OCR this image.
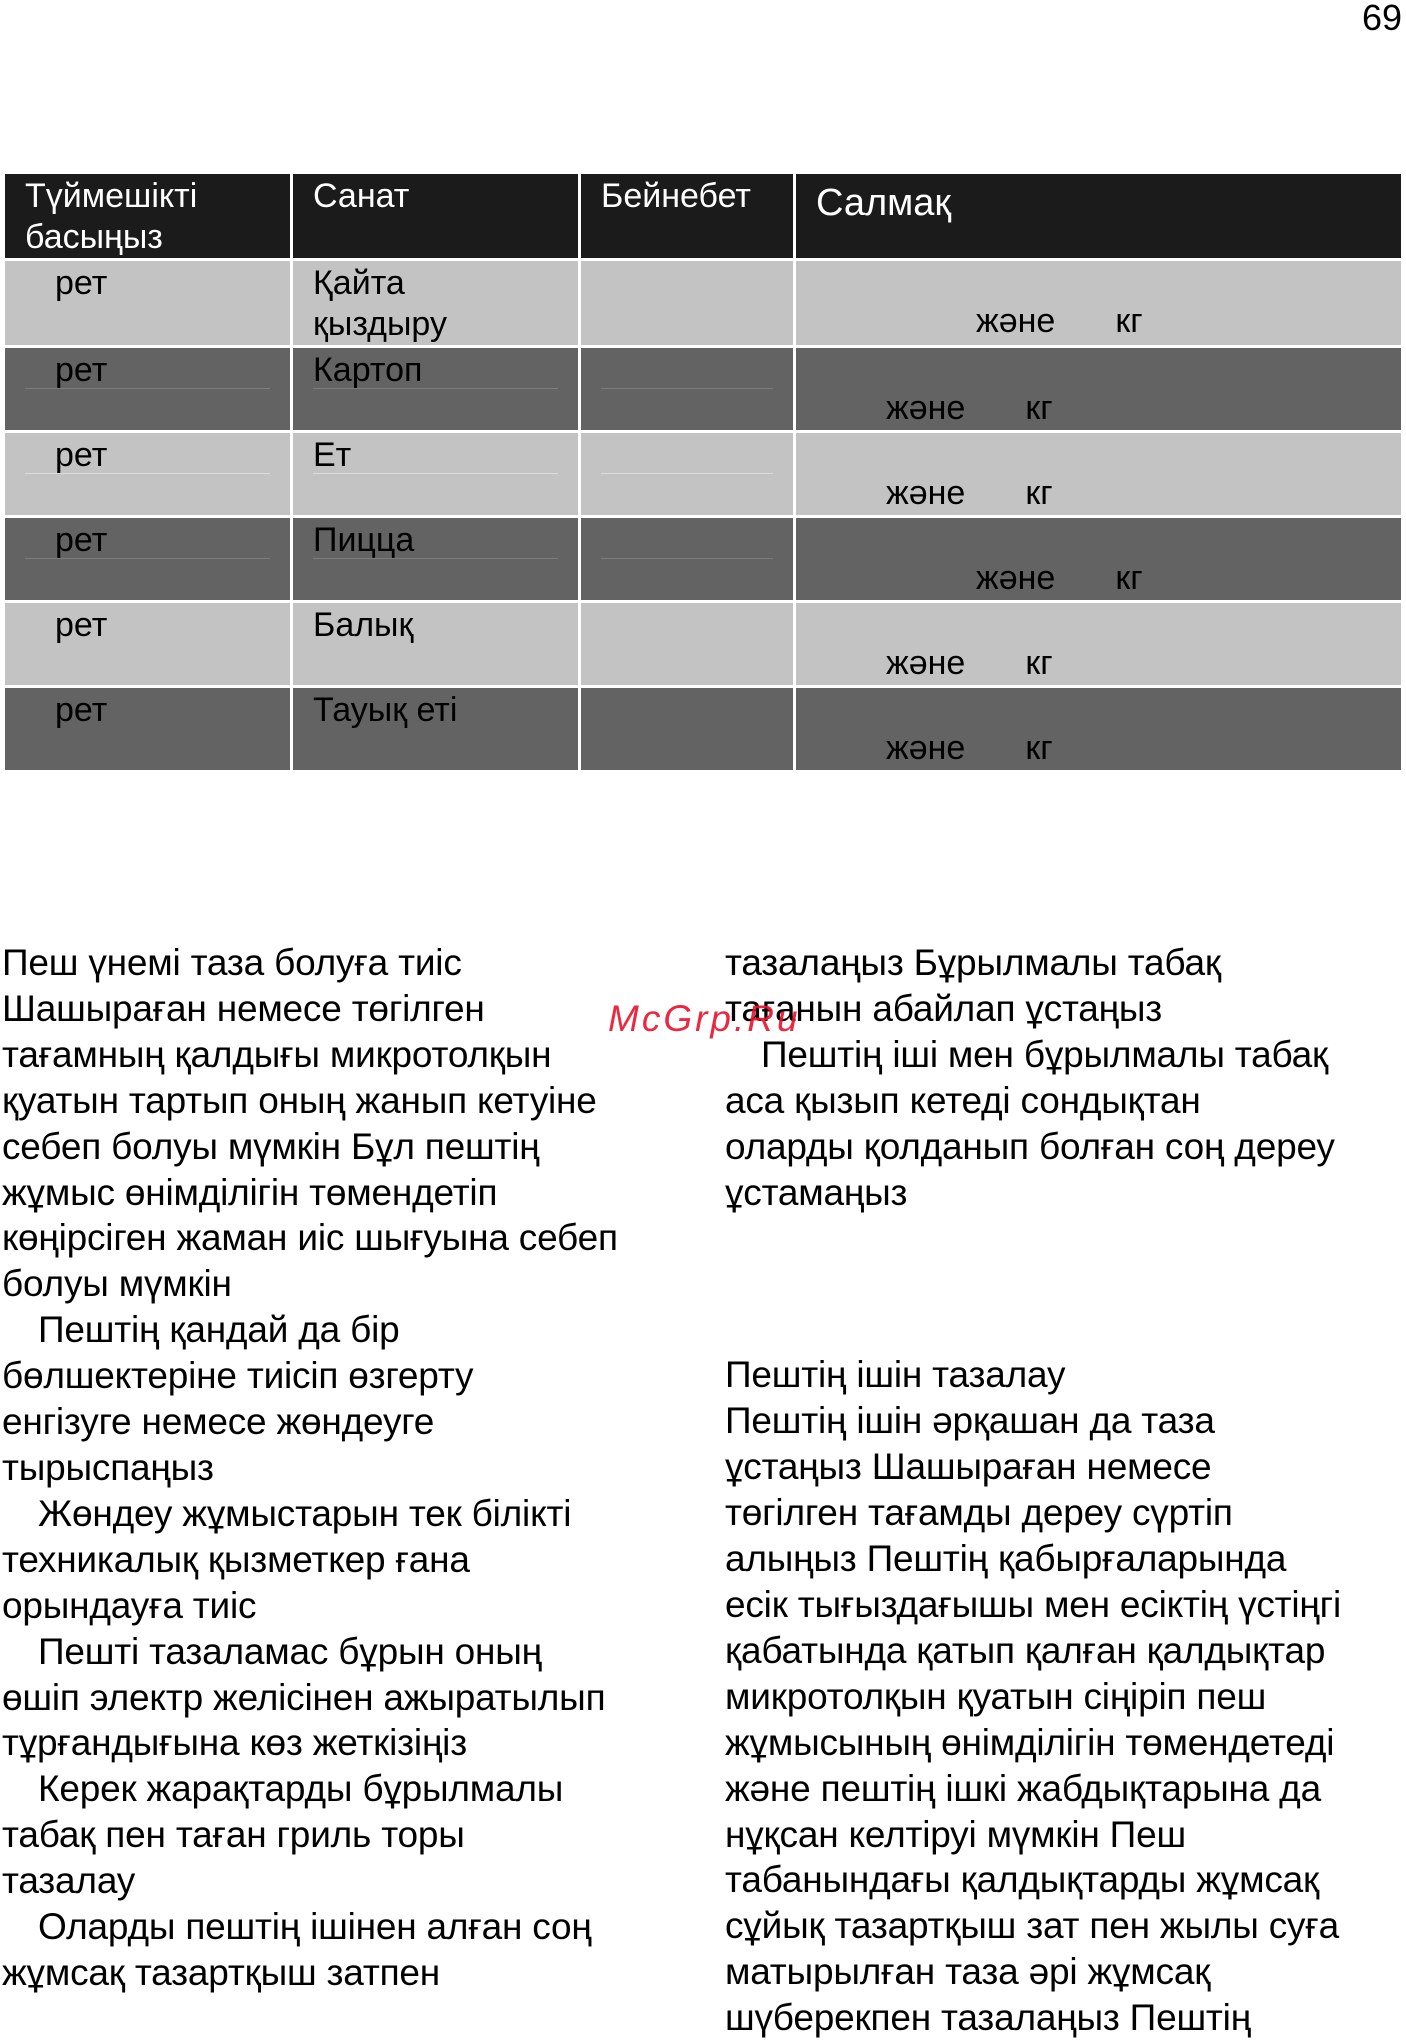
69
Түймешікті
басыңыз	Санат	Бейнебет	Салмақ

рет	Қайта
қыздыру		және кг

рет	Картоп		және кг

рет	Ет		және кг

рет	Пицца		және кг

рет	Балық		және кг

рет	Тауық еті		және кг
Пеш үнемі таза болуға тиіс
Шашыраған немесе төгілген
тағамның қалдығы микротолқын
қуатын тартып оның жанып кетуіне
себеп болуы мүмкін Бұл пештің
жұмыс өнімділігін төмендетіп
көңірсіген жаман иіс шығуына себеп
болуы мүмкін
Пештің қандай да бір
бөлшектеріне тиісіп өзгерту
енгізуге немесе жөндеуге
тырыспаңыз
Жөндеу жұмыстарын тек білікті
техникалық қызметкер ғана
орындауға тиіс
Пешті тазаламас бұрын оның
өшіп электр желісінен ажыратылып
тұрғандығына көз жеткізіңіз
Керек жарақтарды бұрылмалы
табақ пен таған гриль торы
тазалау
Оларды пештің ішінен алған соң
жұмсақ тазартқыш затпен
тазалаңыз Бұрылмалы табақ
тағанын абайлап ұстаңыз
Пештің іші мен бұрылмалы табақ
аса қызып кетеді сондықтан
оларды қолданып болған соң дереу
ұстамаңыз
Пештің ішін тазалау
Пештің ішін әрқашан да таза
ұстаңыз Шашыраған немесе
төгілген тағамды дереу сүртіп
алыңыз Пештің қабырғаларында
есік тығыздағышы мен есіктің үстіңгі
қабатында қатып қалған қалдықтар
микротолқын қуатын сіңіріп пеш
жұмысының өнімділігін төмендетеді
және пештің ішкі жабдықтарына да
нұқсан келтіруі мүмкін Пеш
табанындағы қалдықтарды жұмсақ
сұйық тазартқыш зат пен жылы суға
матырылған таза әрі жұмсақ
шүберекпен тазалаңыз Пештің
McGrp.Ru
